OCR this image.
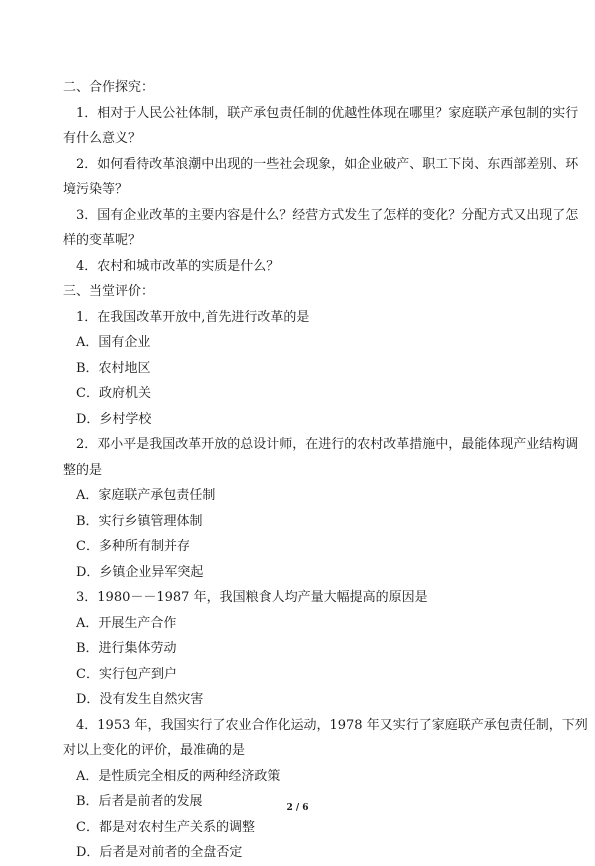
二、合作探究：
1．相对于人民公社体制，联产承包责任制的优越性体现在哪里？家庭联产承包制的实行
有什么意义？
2．如何看待改革浪潮中出现的一些社会现象，如企业破产、职工下岗、东西部差别、环
境污染等？
3．国有企业改革的主要内容是什么？经营方式发生了怎样的变化？分配方式又出现了怎
样的变革呢？
4．农村和城市改革的实质是什么？
三、当堂评价：
1．在我国改革开放中,首先进行改革的是
A．国有企业
B．农村地区
C．政府机关
D．乡村学校
2．邓小平是我国改革开放的总设计师，在进行的农村改革措施中，最能体现产业结构调
整的是
A．家庭联产承包责任制
B．实行乡镇管理体制
C．多种所有制并存
D．乡镇企业异军突起
3．1980－－1987 年，我国粮食人均产量大幅提高的原因是
A．开展生产合作
B．进行集体劳动
C．实行包产到户
D．没有发生自然灾害
4．1953 年，我国实行了农业合作化运动，1978 年又实行了家庭联产承包责任制，下列
对以上变化的评价，最准确的是
A．是性质完全相反的两种经济政策
B．后者是前者的发展
C．都是对农村生产关系的调整
D．后者是对前者的全盘否定
2 / 6
